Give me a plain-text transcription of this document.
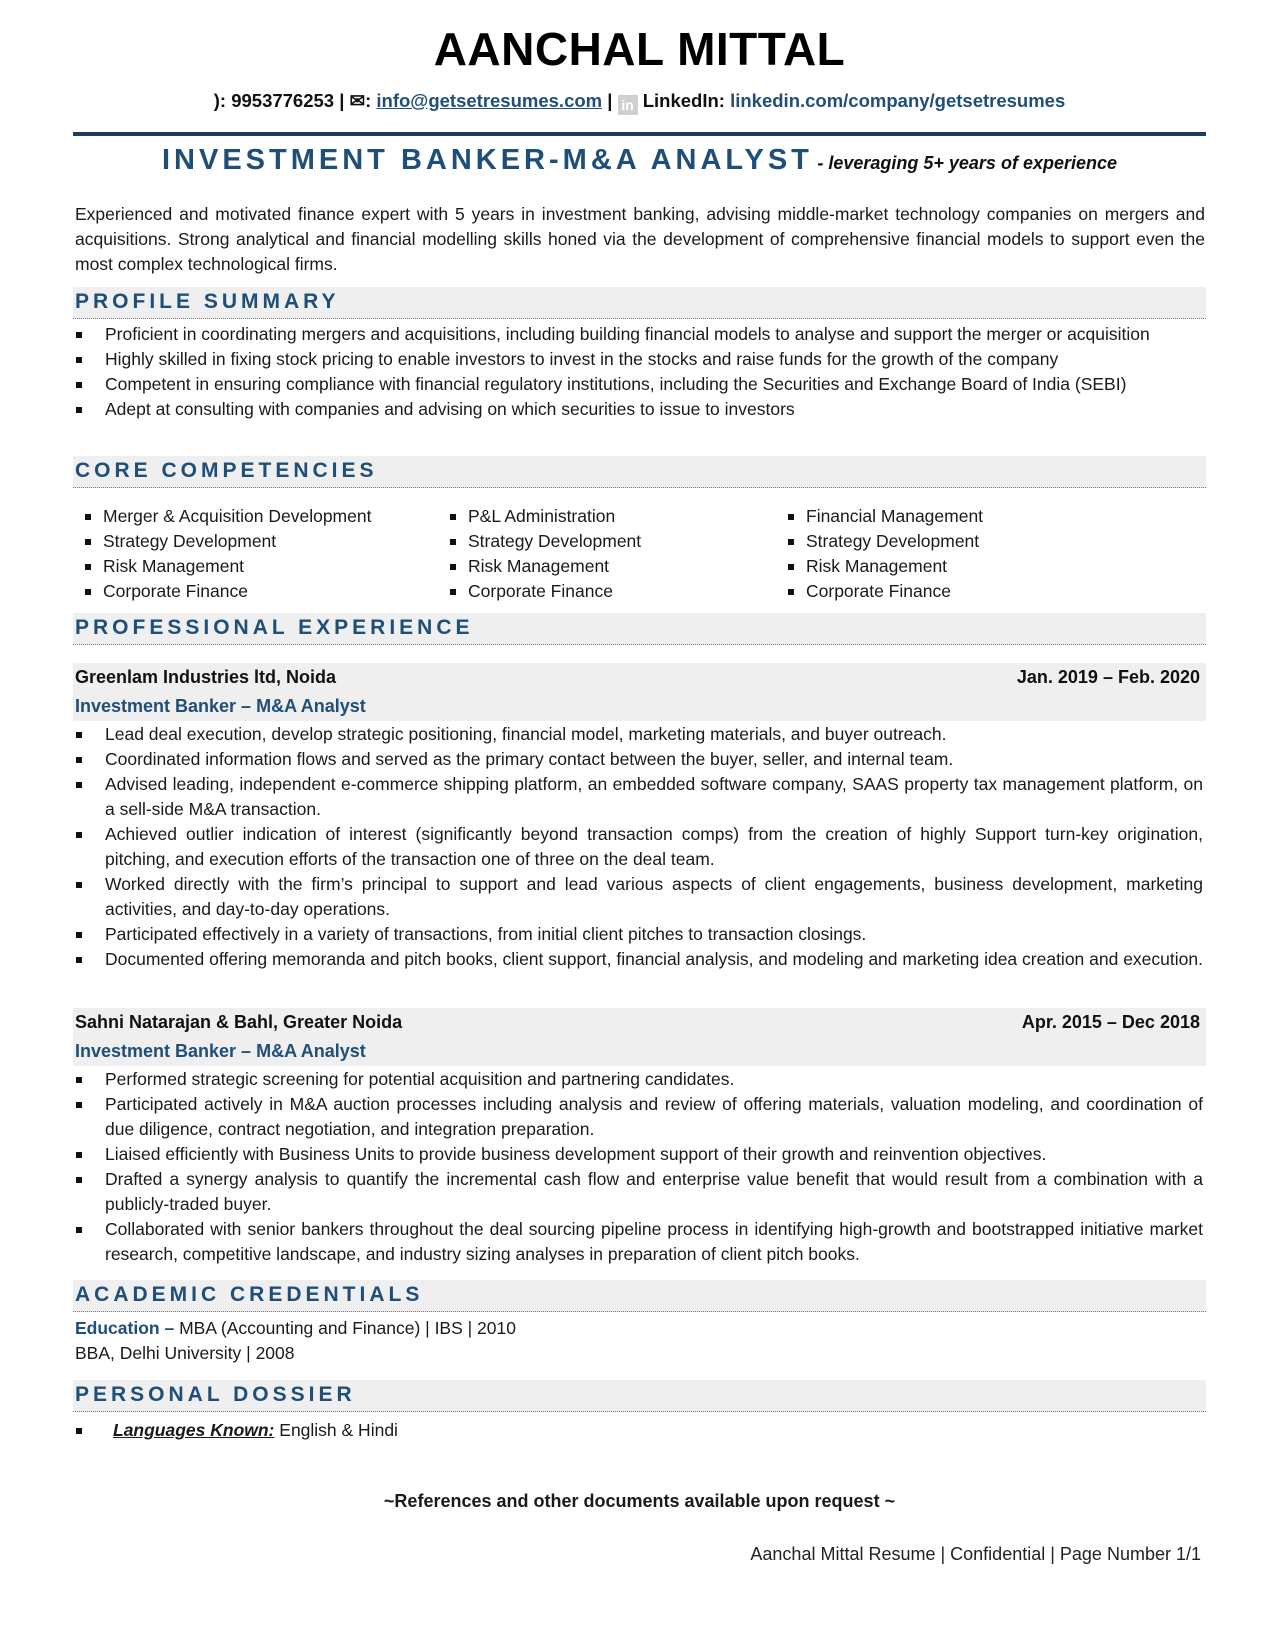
AANCHAL MITTAL
): 9953776253 | ✉: info@getsetresumes.com | in LinkedIn: linkedin.com/company/getsetresumes
INVESTMENT BANKER-M&A ANALYST - leveraging 5+ years of experience
Experienced and motivated finance expert with 5 years in investment banking, advising middle-market technology companies on mergers and acquisitions. Strong analytical and financial modelling skills honed via the development of comprehensive financial models to support even the most complex technological firms.
PROFILE SUMMARY
Proficient in coordinating mergers and acquisitions, including building financial models to analyse and support the merger or acquisition
Highly skilled in fixing stock pricing to enable investors to invest in the stocks and raise funds for the growth of the company
Competent in ensuring compliance with financial regulatory institutions, including the Securities and Exchange Board of India (SEBI)
Adept at consulting with companies and advising on which securities to issue to investors
CORE COMPETENCIES
Merger & Acquisition Development
Strategy Development
Risk Management
Corporate Finance
P&L Administration
Strategy Development
Risk Management
Corporate Finance
Financial Management
Strategy Development
Risk Management
Corporate Finance
PROFESSIONAL EXPERIENCE
Greenlam Industries ltd, Noida	Jan. 2019 – Feb. 2020
Investment Banker – M&A Analyst
Lead deal execution, develop strategic positioning, financial model, marketing materials, and buyer outreach.
Coordinated information flows and served as the primary contact between the buyer, seller, and internal team.
Advised leading, independent e-commerce shipping platform, an embedded software company, SAAS property tax management platform, on a sell-side M&A transaction.
Achieved outlier indication of interest (significantly beyond transaction comps) from the creation of highly Support turn-key origination, pitching, and execution efforts of the transaction one of three on the deal team.
Worked directly with the firm’s principal to support and lead various aspects of client engagements, business development, marketing activities, and day-to-day operations.
Participated effectively in a variety of transactions, from initial client pitches to transaction closings.
Documented offering memoranda and pitch books, client support, financial analysis, and modeling and marketing idea creation and execution.
Sahni Natarajan & Bahl, Greater Noida	Apr. 2015 – Dec 2018
Investment Banker – M&A Analyst
Performed strategic screening for potential acquisition and partnering candidates.
Participated actively in M&A auction processes including analysis and review of offering materials, valuation modeling, and coordination of due diligence, contract negotiation, and integration preparation.
Liaised efficiently with Business Units to provide business development support of their growth and reinvention objectives.
Drafted a synergy analysis to quantify the incremental cash flow and enterprise value benefit that would result from a combination with a publicly-traded buyer.
Collaborated with senior bankers throughout the deal sourcing pipeline process in identifying high-growth and bootstrapped initiative market research, competitive landscape, and industry sizing analyses in preparation of client pitch books.
ACADEMIC CREDENTIALS
Education – MBA (Accounting and Finance) | IBS | 2010
BBA, Delhi University | 2008
PERSONAL DOSSIER
Languages Known: English & Hindi
~References and other documents available upon request ~
Aanchal Mittal Resume | Confidential | Page Number 1/1
